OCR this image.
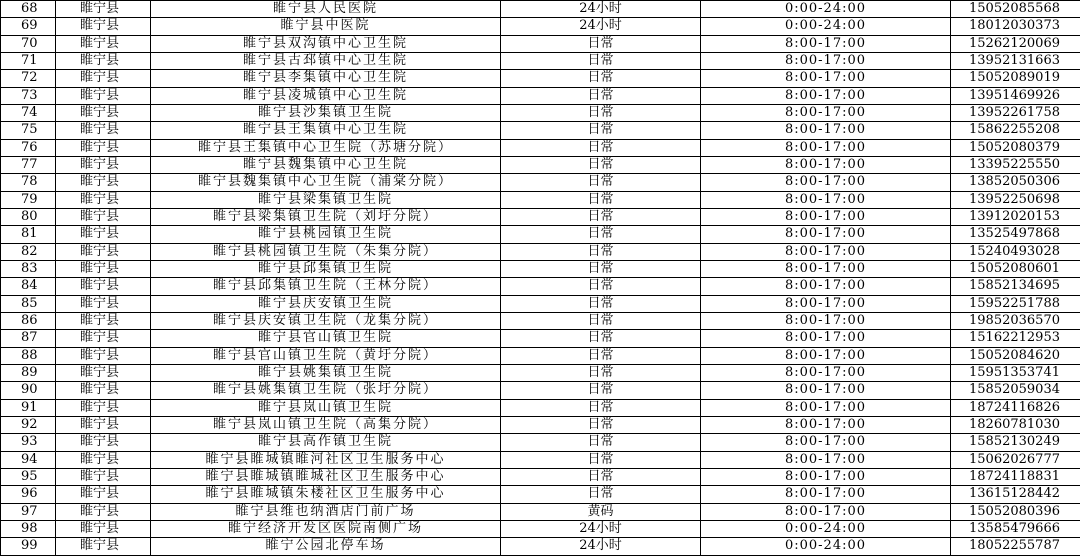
68	睢宁县	睢宁县人民医院	24小时	0:00-24:00	15052085568
69	睢宁县	睢宁县中医院	24小时	0:00-24:00	18012030373
70	睢宁县	睢宁县双沟镇中心卫生院	日常	8:00-17:00	15262120069
71	睢宁县	睢宁县古邳镇中心卫生院	日常	8:00-17:00	13952131663
72	睢宁县	睢宁县李集镇中心卫生院	日常	8:00-17:00	15052089019
73	睢宁县	睢宁县凌城镇中心卫生院	日常	8:00-17:00	13951469926
74	睢宁县	睢宁县沙集镇卫生院	日常	8:00-17:00	13952261758
75	睢宁县	睢宁县王集镇中心卫生院	日常	8:00-17:00	15862255208
76	睢宁县	睢宁县王集镇中心卫生院（苏塘分院）	日常	8:00-17:00	15052080379
77	睢宁县	睢宁县魏集镇中心卫生院	日常	8:00-17:00	13395225550
78	睢宁县	睢宁县魏集镇中心卫生院（浦棠分院）	日常	8:00-17:00	13852050306
79	睢宁县	睢宁县梁集镇卫生院	日常	8:00-17:00	13952250698
80	睢宁县	睢宁县梁集镇卫生院（刘圩分院）	日常	8:00-17:00	13912020153
81	睢宁县	睢宁县桃园镇卫生院	日常	8:00-17:00	13525497868
82	睢宁县	睢宁县桃园镇卫生院（朱集分院）	日常	8:00-17:00	15240493028
83	睢宁县	睢宁县邱集镇卫生院	日常	8:00-17:00	15052080601
84	睢宁县	睢宁县邱集镇卫生院（王林分院）	日常	8:00-17:00	15852134695
85	睢宁县	睢宁县庆安镇卫生院	日常	8:00-17:00	15952251788
86	睢宁县	睢宁县庆安镇卫生院（龙集分院）	日常	8:00-17:00	19852036570
87	睢宁县	睢宁县官山镇卫生院	日常	8:00-17:00	15162212953
88	睢宁县	睢宁县官山镇卫生院（黄圩分院）	日常	8:00-17:00	15052084620
89	睢宁县	睢宁县姚集镇卫生院	日常	8:00-17:00	15951353741
90	睢宁县	睢宁县姚集镇卫生院（张圩分院）	日常	8:00-17:00	15852059034
91	睢宁县	睢宁县岚山镇卫生院	日常	8:00-17:00	18724116826
92	睢宁县	睢宁县岚山镇卫生院（高集分院）	日常	8:00-17:00	18260781030
93	睢宁县	睢宁县高作镇卫生院	日常	8:00-17:00	15852130249
94	睢宁县	睢宁县睢城镇睢河社区卫生服务中心	日常	8:00-17:00	15062026777
95	睢宁县	睢宁县睢城镇睢城社区卫生服务中心	日常	8:00-17:00	18724118831
96	睢宁县	睢宁县睢城镇朱楼社区卫生服务中心	日常	8:00-17:00	13615128442
97	睢宁县	睢宁县维也纳酒店门前广场	黄码	8:00-17:00	15052080396
98	睢宁县	睢宁经济开发区医院南侧广场	24小时	0:00-24:00	13585479666
99	睢宁县	睢宁公园北停车场	24小时	0:00-24:00	18052255787
